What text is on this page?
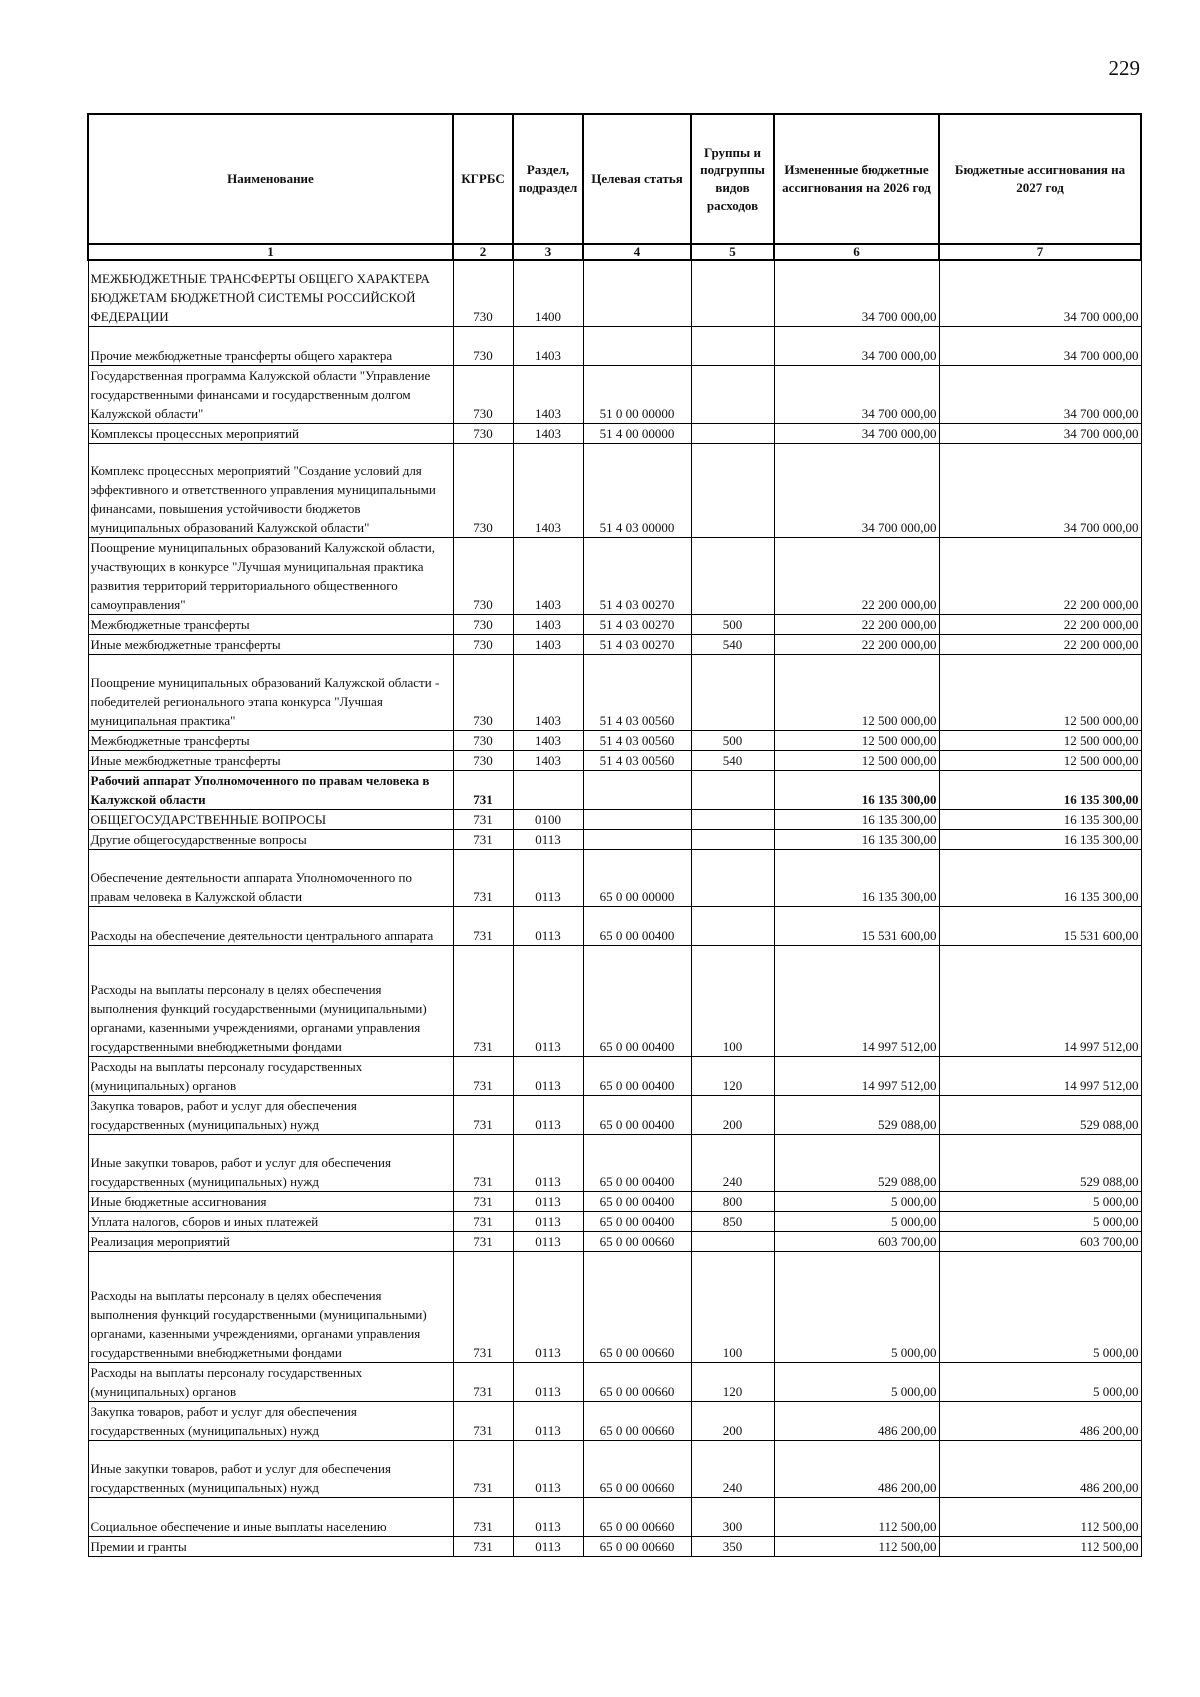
229
Наименование	КГРБС	Раздел, подраздел	Целевая статья	Группы и подгруппы видов расходов	Измененные бюджетные ассигнования на 2026 год	Бюджетные ассигнования на 2027 год
1	2	3	4	5	6	7
МЕЖБЮДЖЕТНЫЕ ТРАНСФЕРТЫ ОБЩЕГО ХАРАКТЕРА БЮДЖЕТАМ БЮДЖЕТНОЙ СИСТЕМЫ РОССИЙСКОЙ ФЕДЕРАЦИИ	730	1400			34 700 000,00	34 700 000,00
Прочие межбюджетные трансферты общего характера	730	1403			34 700 000,00	34 700 000,00
Государственная программа Калужской области "Управление государственными финансами и государственным долгом Калужской области"	730	1403	51 0 00 00000		34 700 000,00	34 700 000,00
Комплексы процессных мероприятий	730	1403	51 4 00 00000		34 700 000,00	34 700 000,00
Комплекс процессных мероприятий "Создание условий для эффективного и ответственного управления муниципальными финансами, повышения устойчивости бюджетов муниципальных образований Калужской области"	730	1403	51 4 03 00000		34 700 000,00	34 700 000,00
Поощрение муниципальных образований Калужской области, участвующих в конкурсе "Лучшая муниципальная практика развития территорий территориального общественного самоуправления"	730	1403	51 4 03 00270		22 200 000,00	22 200 000,00
Межбюджетные трансферты	730	1403	51 4 03 00270	500	22 200 000,00	22 200 000,00
Иные межбюджетные трансферты	730	1403	51 4 03 00270	540	22 200 000,00	22 200 000,00
Поощрение муниципальных образований Калужской области - победителей регионального этапа конкурса "Лучшая муниципальная практика"	730	1403	51 4 03 00560		12 500 000,00	12 500 000,00
Межбюджетные трансферты	730	1403	51 4 03 00560	500	12 500 000,00	12 500 000,00
Иные межбюджетные трансферты	730	1403	51 4 03 00560	540	12 500 000,00	12 500 000,00
Рабочий аппарат Уполномоченного по правам человека в Калужской области	731				16 135 300,00	16 135 300,00
ОБЩЕГОСУДАРСТВЕННЫЕ ВОПРОСЫ	731	0100			16 135 300,00	16 135 300,00
Другие общегосударственные вопросы	731	0113			16 135 300,00	16 135 300,00
Обеспечение деятельности аппарата Уполномоченного по правам человека в Калужской области	731	0113	65 0 00 00000		16 135 300,00	16 135 300,00
Расходы на обеспечение деятельности центрального аппарата	731	0113	65 0 00 00400		15 531 600,00	15 531 600,00
Расходы на выплаты персоналу в целях обеспечения выполнения функций государственными (муниципальными) органами, казенными учреждениями, органами управления государственными внебюджетными фондами	731	0113	65 0 00 00400	100	14 997 512,00	14 997 512,00
Расходы на выплаты персоналу государственных (муниципальных) органов	731	0113	65 0 00 00400	120	14 997 512,00	14 997 512,00
Закупка товаров, работ и услуг для обеспечения государственных (муниципальных) нужд	731	0113	65 0 00 00400	200	529 088,00	529 088,00
Иные закупки товаров, работ и услуг для обеспечения государственных (муниципальных) нужд	731	0113	65 0 00 00400	240	529 088,00	529 088,00
Иные бюджетные ассигнования	731	0113	65 0 00 00400	800	5 000,00	5 000,00
Уплата налогов, сборов и иных платежей	731	0113	65 0 00 00400	850	5 000,00	5 000,00
Реализация мероприятий	731	0113	65 0 00 00660		603 700,00	603 700,00
Расходы на выплаты персоналу в целях обеспечения выполнения функций государственными (муниципальными) органами, казенными учреждениями, органами управления государственными внебюджетными фондами	731	0113	65 0 00 00660	100	5 000,00	5 000,00
Расходы на выплаты персоналу государственных (муниципальных) органов	731	0113	65 0 00 00660	120	5 000,00	5 000,00
Закупка товаров, работ и услуг для обеспечения государственных (муниципальных) нужд	731	0113	65 0 00 00660	200	486 200,00	486 200,00
Иные закупки товаров, работ и услуг для обеспечения государственных (муниципальных) нужд	731	0113	65 0 00 00660	240	486 200,00	486 200,00
Социальное обеспечение и иные выплаты населению	731	0113	65 0 00 00660	300	112 500,00	112 500,00
Премии и гранты	731	0113	65 0 00 00660	350	112 500,00	112 500,00
